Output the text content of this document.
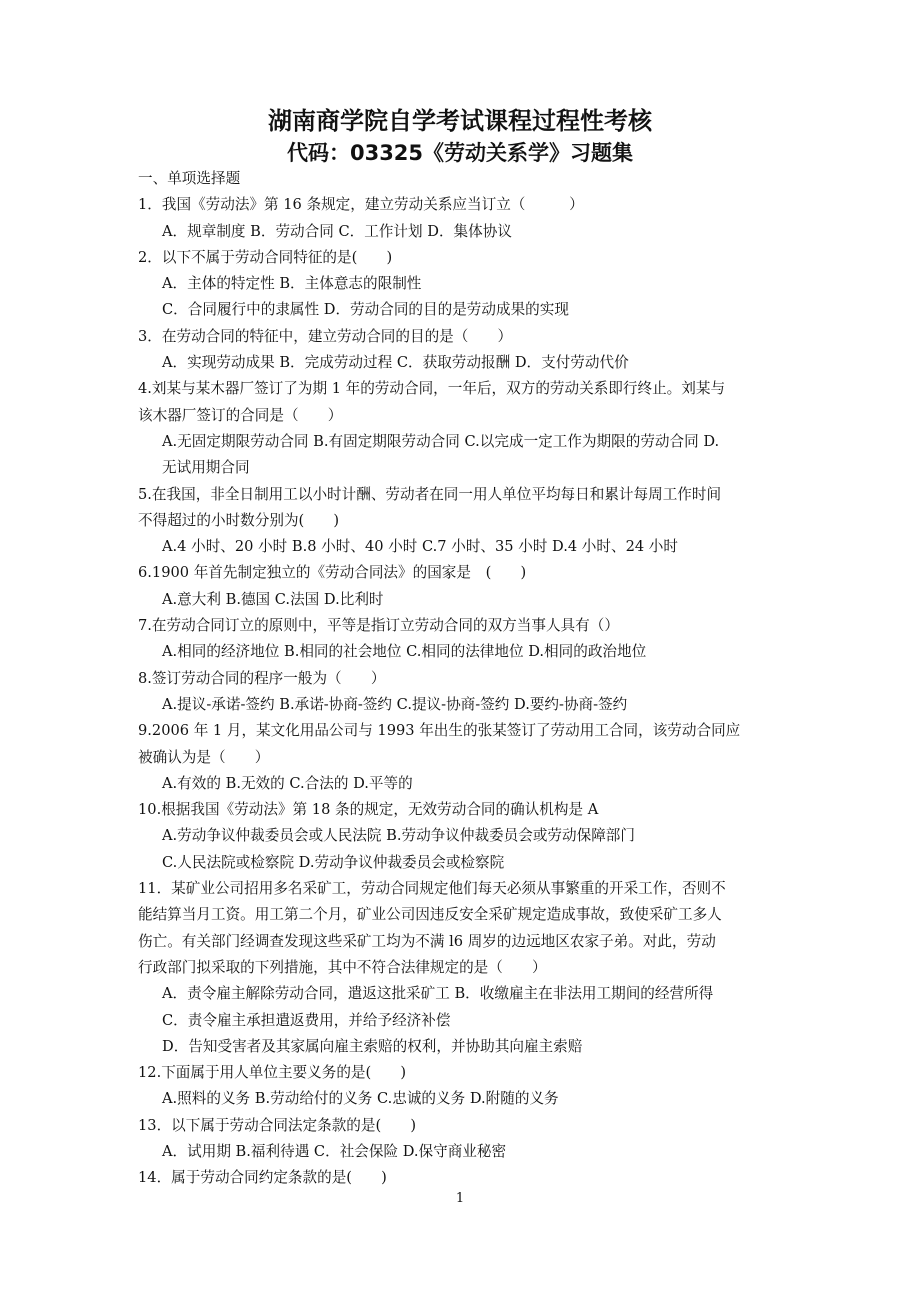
湖南商学院自学考试课程过程性考核
代码：03325《劳动关系学》习题集
一、单项选择题
1．我国《劳动法》第 16 条规定，建立劳动关系应当订立（　　　）
A．规章制度 B．劳动合同 C．工作计划 D．集体协议
2．以下不属于劳动合同特征的是(　　)
A．主体的特定性 B．主体意志的限制性
C．合同履行中的隶属性 D．劳动合同的目的是劳动成果的实现
3．在劳动合同的特征中，建立劳动合同的目的是（　　）
A．实现劳动成果 B．完成劳动过程 C．获取劳动报酬 D．支付劳动代价
4.刘某与某木器厂签订了为期 1 年的劳动合同，一年后，双方的劳动关系即行终止。刘某与
该木器厂签订的合同是（　　）
A.无固定期限劳动合同 B.有固定期限劳动合同 C.以完成一定工作为期限的劳动合同 D.
无试用期合同
5.在我国，非全日制用工以小时计酬、劳动者在同一用人单位平均每日和累计每周工作时间
不得超过的小时数分别为(　　)
A.4 小时、20 小时 B.8 小时、40 小时 C.7 小时、35 小时 D.4 小时、24 小时
6.1900 年首先制定独立的《劳动合同法》的国家是　(　　)
A.意大利 B.德国 C.法国 D.比利时
7.在劳动合同订立的原则中，平等是指订立劳动合同的双方当事人具有（）
A.相同的经济地位 B.相同的社会地位 C.相同的法律地位 D.相同的政治地位
8.签订劳动合同的程序一般为（　　）
A.提议-承诺-签约 B.承诺-协商-签约 C.提议-协商-签约 D.要约-协商-签约
9.2006 年 1 月，某文化用品公司与 1993 年出生的张某签订了劳动用工合同，该劳动合同应
被确认为是（　　）
A.有效的 B.无效的 C.合法的 D.平等的
10.根据我国《劳动法》第 18 条的规定，无效劳动合同的确认机构是 A
A.劳动争议仲裁委员会或人民法院 B.劳动争议仲裁委员会或劳动保障部门
C.人民法院或检察院 D.劳动争议仲裁委员会或检察院
11．某矿业公司招用多名采矿工，劳动合同规定他们每天必须从事繁重的开采工作，否则不
能结算当月工资。用工第二个月，矿业公司因违反安全采矿规定造成事故，致使采矿工多人
伤亡。有关部门经调查发现这些采矿工均为不满 l6 周岁的边远地区农家子弟。对此，劳动
行政部门拟采取的下列措施，其中不符合法律规定的是（　　）
A．责令雇主解除劳动合同，遣返这批采矿工 B．收缴雇主在非法用工期间的经营所得
C．责令雇主承担遣返费用，并给予经济补偿
D．告知受害者及其家属向雇主索赔的权利，并协助其向雇主索赔
12.下面属于用人单位主要义务的是(　　)
A.照料的义务 B.劳动给付的义务 C.忠诚的义务 D.附随的义务
13．以下属于劳动合同法定条款的是(　　)
A．试用期 B.福利待遇 C．社会保险 D.保守商业秘密
14．属于劳动合同约定条款的是(　　)
1
